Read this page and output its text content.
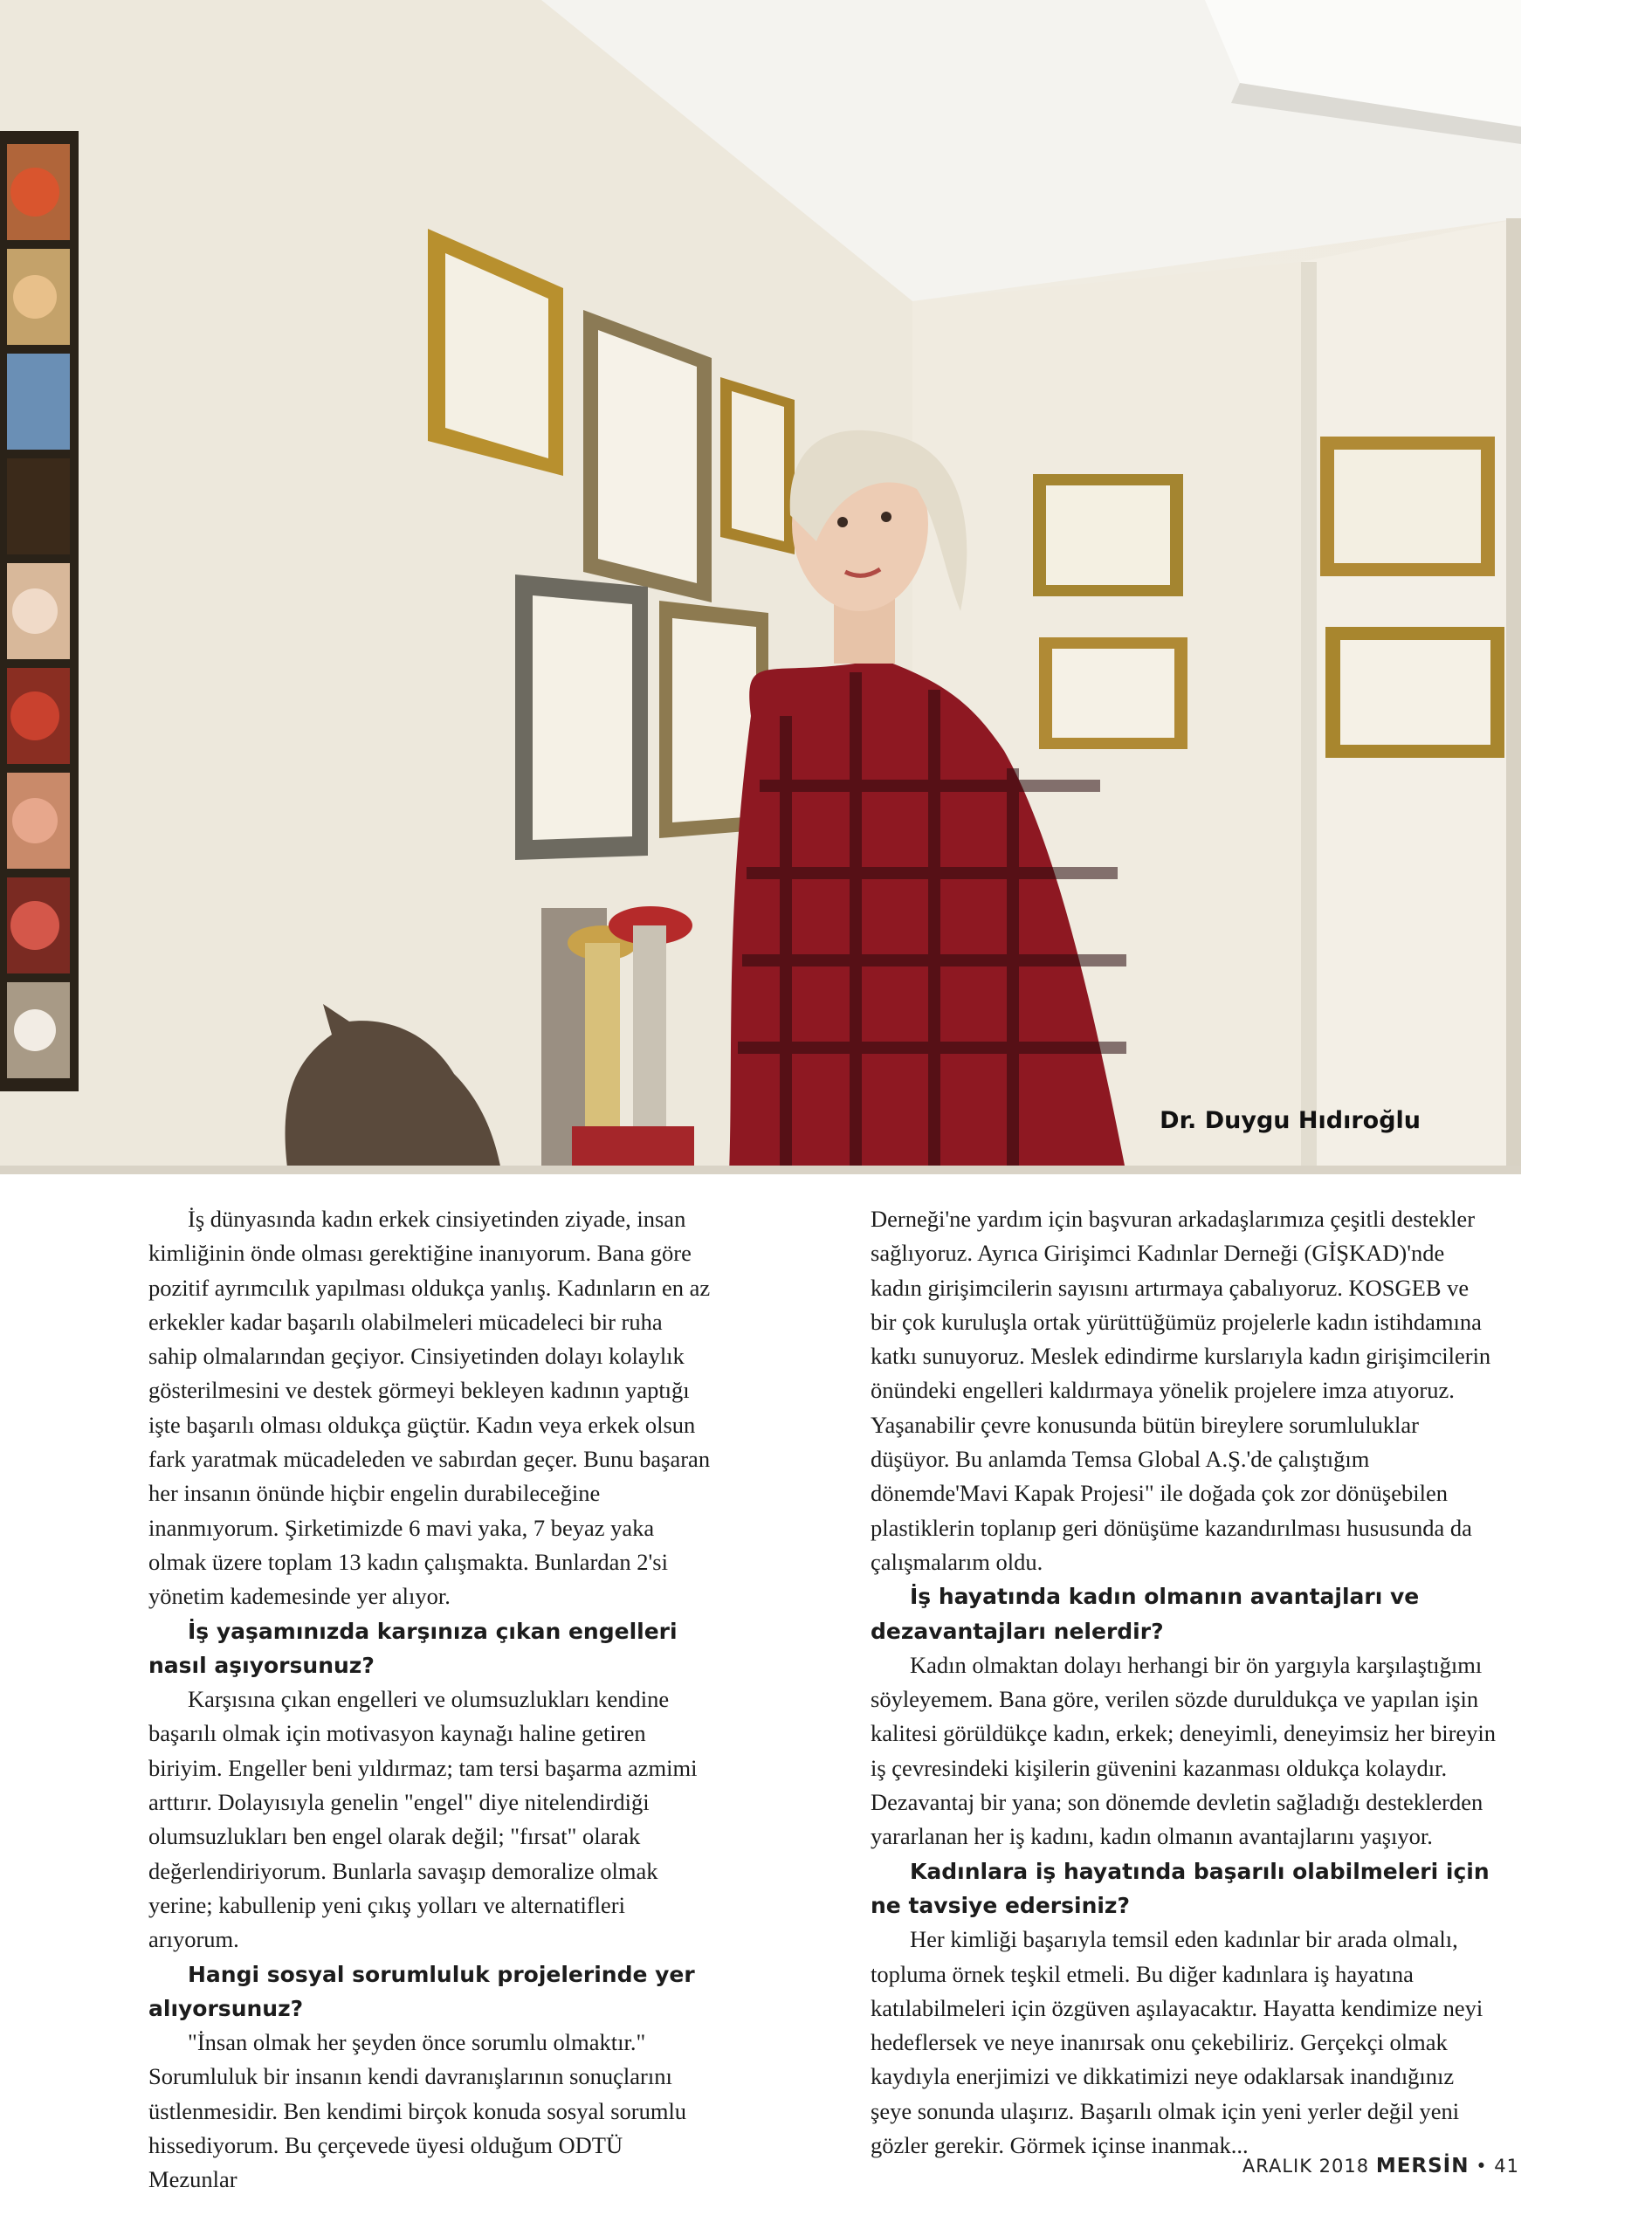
Dr. Duygu Hıdıroğlu

İş dünyasında kadın erkek cinsiyetinden ziyade, insan kimliğinin önde olması gerektiğine inanıyorum. Bana göre pozitif ayrımcılık yapılması oldukça yanlış. Kadınların en az erkekler kadar başarılı olabilmeleri mücadeleci bir ruha sahip olmalarından geçiyor. Cinsiyetinden dolayı kolaylık gösterilmesini ve destek görmeyi bekleyen kadının yaptığı işte başarılı olması oldukça güçtür. Kadın veya erkek olsun fark yaratmak mücadeleden ve sabırdan geçer. Bunu başaran her insanın önünde hiçbir engelin durabileceğine inanmıyorum. Şirketimizde 6 mavi yaka, 7 beyaz yaka olmak üzere toplam 13 kadın çalışmakta. Bunlardan 2'si yönetim kademesinde yer alıyor.

İş yaşamınızda karşınıza çıkan engelleri nasıl aşıyorsunuz?

Karşısına çıkan engelleri ve olumsuzlukları kendine başarılı olmak için motivasyon kaynağı haline getiren biriyim. Engeller beni yıldırmaz; tam tersi başarma azmimi arttırır. Dolayısıyla genelin "engel" diye nitelendirdiği olumsuzlukları ben engel olarak değil; "fırsat" olarak değerlendiriyorum. Bunlarla savaşıp demoralize olmak yerine; kabullenip yeni çıkış yolları ve alternatifleri arıyorum.

Hangi sosyal sorumluluk projelerinde yer alıyorsunuz?

"İnsan olmak her şeyden önce sorumlu olmaktır." Sorumluluk bir insanın kendi davranışlarının sonuçlarını üstlenmesidir. Ben kendimi birçok konuda sosyal sorumlu hissediyorum. Bu çerçevede üyesi olduğum ODTÜ Mezunlar

Derneği'ne yardım için başvuran arkadaşlarımıza çeşitli destekler sağlıyoruz. Ayrıca Girişimci Kadınlar Derneği (GİŞKAD)'nde kadın girişimcilerin sayısını artırmaya çabalıyoruz. KOSGEB ve bir çok kuruluşla ortak yürüttüğümüz projelerle kadın istihdamına katkı sunuyoruz. Meslek edindirme kurslarıyla kadın girişimcilerin önündeki engelleri kaldırmaya yönelik projelere imza atıyoruz. Yaşanabilir çevre konusunda bütün bireylere sorumluluklar düşüyor. Bu anlamda Temsa Global A.Ş.'de çalıştığım dönemde'Mavi Kapak Projesi" ile doğada çok zor dönüşebilen plastiklerin toplanıp geri dönüşüme kazandırılması hususunda da çalışmalarım oldu.

İş hayatında kadın olmanın avantajları ve dezavantajları nelerdir?

Kadın olmaktan dolayı herhangi bir ön yargıyla karşılaştığımı söyleyemem. Bana göre, verilen sözde duruldukça ve yapılan işin kalitesi görüldükçe kadın, erkek; deneyimli, deneyimsiz her bireyin iş çevresindeki kişilerin güvenini kazanması oldukça kolaydır. Dezavantaj bir yana; son dönemde devletin sağladığı desteklerden yararlanan her iş kadını, kadın olmanın avantajlarını yaşıyor.

Kadınlara iş hayatında başarılı olabilmeleri için ne tavsiye edersiniz?

Her kimliği başarıyla temsil eden kadınlar bir arada olmalı, topluma örnek teşkil etmeli. Bu diğer kadınlara iş hayatına katılabilmeleri için özgüven aşılayacaktır. Hayatta kendimize neyi hedeflersek ve neye inanırsak onu çekebiliriz. Gerçekçi olmak kaydıyla enerjimizi ve dikkatimizi neye odaklarsak inandığınız şeye sonunda ulaşırız. Başarılı olmak için yeni yerler değil yeni gözler gerekir. Görmek içinse inanmak...

ARALIK 2018 MERSİN • 41
